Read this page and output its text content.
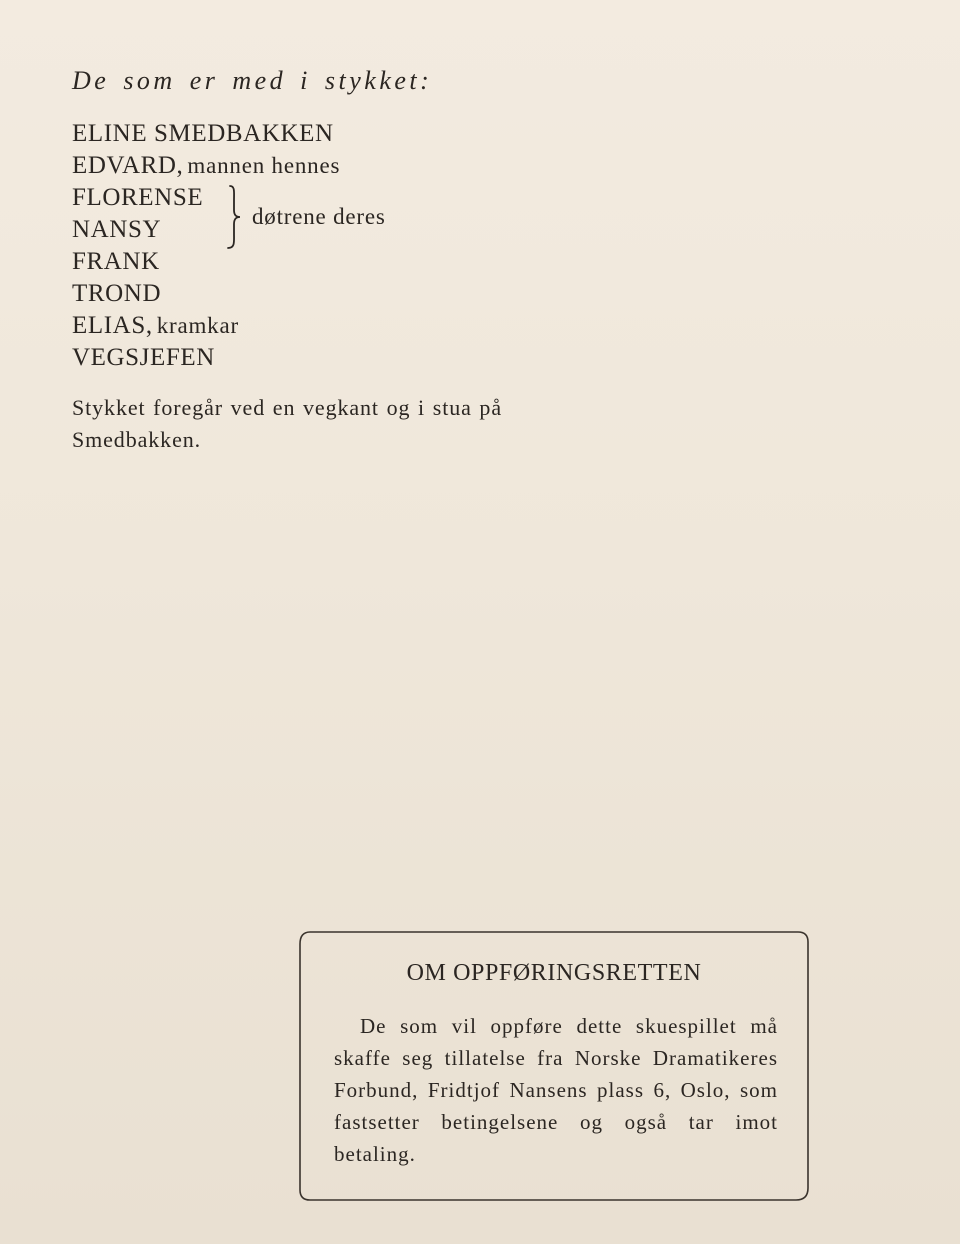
De som er med i stykket:
ELINE SMEDBAKKEN
EDVARD, mannen hennes
FLORENSE
NANSY
FRANK
TROND
ELIAS, kramkar
VEGSJEFEN
døtrene deres

Stykket foregår ved en vegkant og i stua på Smedbakken.

OM OPPFØRINGSRETTEN

De som vil oppføre dette skuespillet må skaffe seg tillatelse fra Norske Dramatikeres Forbund, Fridtjof Nansens plass 6, Oslo, som fastsetter betingelsene og også tar imot betaling.
